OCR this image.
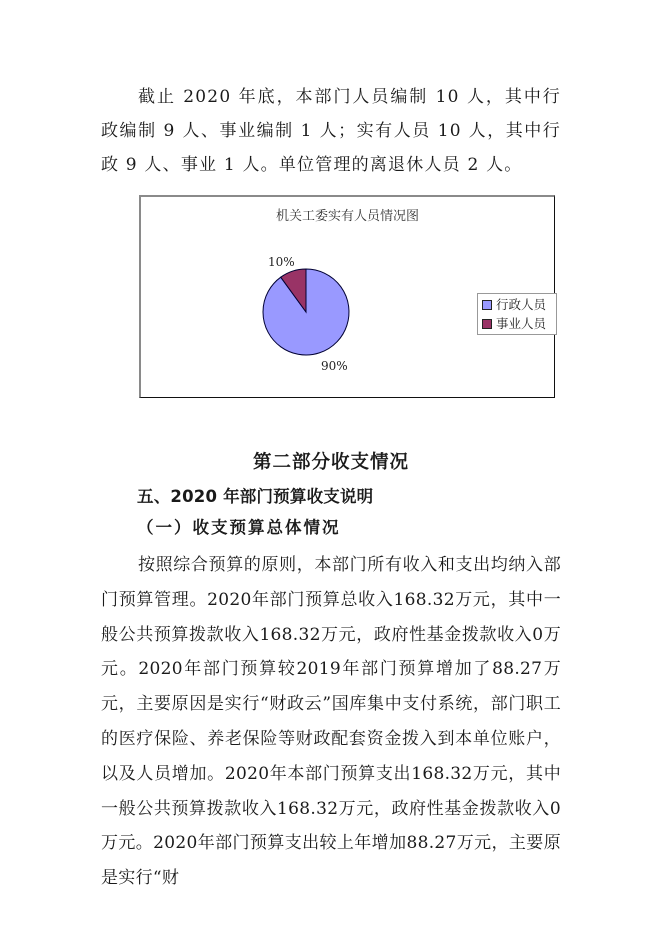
截止 2020 年底，本部门人员编制 10 人，其中行政编制 9 人、事业编制 1 人；实有人员 10 人，其中行政 9 人、事业 1 人。单位管理的离退休人员 2 人。

机关工委实有人员情况图
10%
90%
行政人员
事业人员
第二部分收支情况
五、2020 年部门预算收支说明
（一）收支预算总体情况

按照综合预算的原则，本部门所有收入和支出均纳入部门预算管理。2020年部门预算总收入168.32万元，其中一般公共预算拨款收入168.32万元，政府性基金拨款收入0万元。2020年部门预算较2019年部门预算增加了88.27万元，主要原因是实行“财政云”国库集中支付系统，部门职工的医疗保险、养老保险等财政配套资金拨入到本单位账户，以及人员增加。2020年本部门预算支出168.32万元，其中一般公共预算拨款收入168.32万元，政府性基金拨款收入0万元。2020年部门预算支出较上年增加88.27万元，主要原是实行“财
